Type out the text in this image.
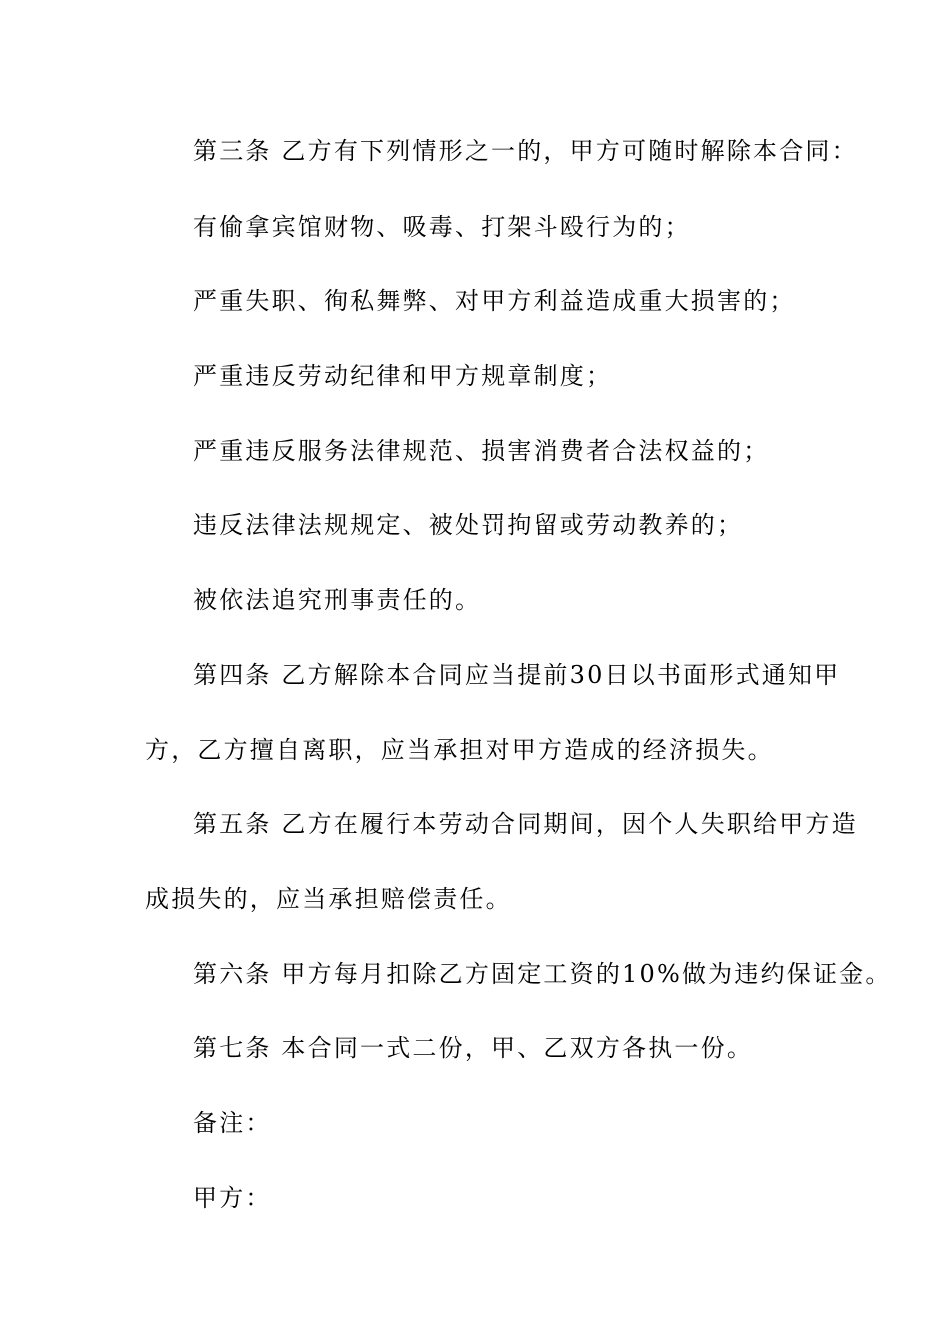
第三条 乙方有下列情形之一的，甲方可随时解除本合同：
有偷拿宾馆财物、吸毒、打架斗殴行为的；
严重失职、徇私舞弊、对甲方利益造成重大损害的；
严重违反劳动纪律和甲方规章制度；
严重违反服务法律规范、损害消费者合法权益的；
违反法律法规规定、被处罚拘留或劳动教养的；
被依法追究刑事责任的。
第四条 乙方解除本合同应当提前30日以书面形式通知甲
方，乙方擅自离职，应当承担对甲方造成的经济损失。
第五条 乙方在履行本劳动合同期间，因个人失职给甲方造
成损失的，应当承担赔偿责任。
第六条 甲方每月扣除乙方固定工资的10%做为违约保证金。
第七条 本合同一式二份，甲、乙双方各执一份。
备注：
甲方：
